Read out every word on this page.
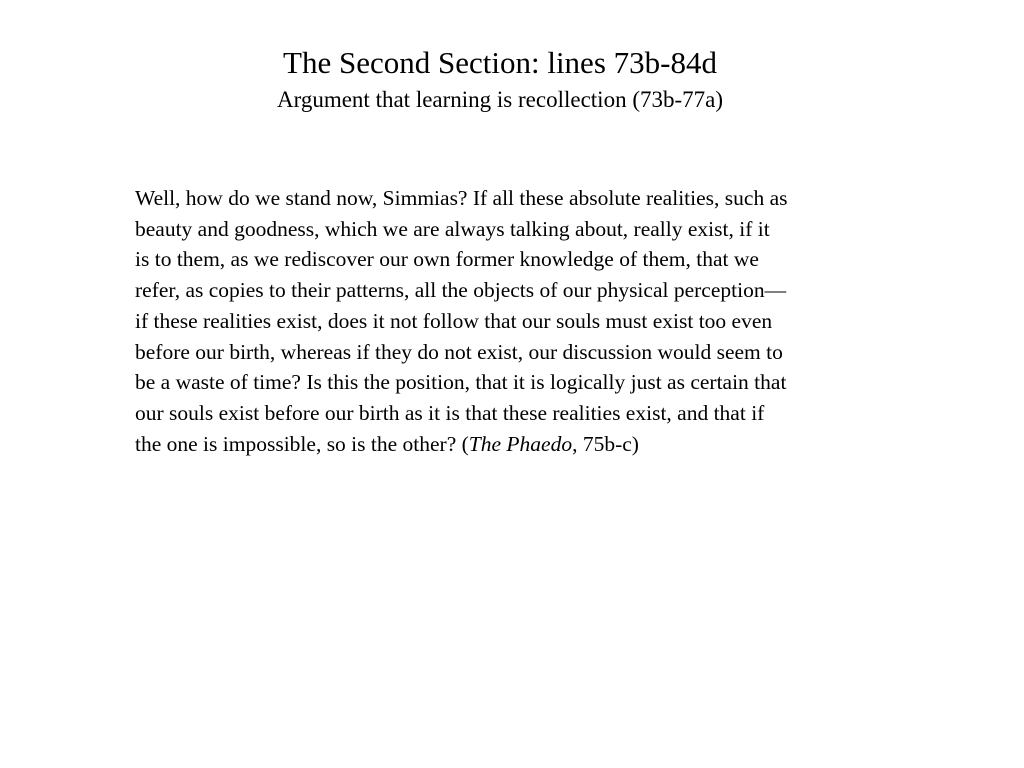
The Second Section: lines 73b-84d
Argument that learning is recollection (73b-77a)

Well, how do we stand now, Simmias? If all these absolute realities, such as
beauty and goodness, which we are always talking about, really exist, if it
is to them, as we rediscover our own former knowledge of them, that we
refer, as copies to their patterns, all the objects of our physical perception—
if these realities exist, does it not follow that our souls must exist too even
before our birth, whereas if they do not exist, our discussion would seem to
be a waste of time? Is this the position, that it is logically just as certain that
our souls exist before our birth as it is that these realities exist, and that if
the one is impossible, so is the other? (The Phaedo, 75b-c)
